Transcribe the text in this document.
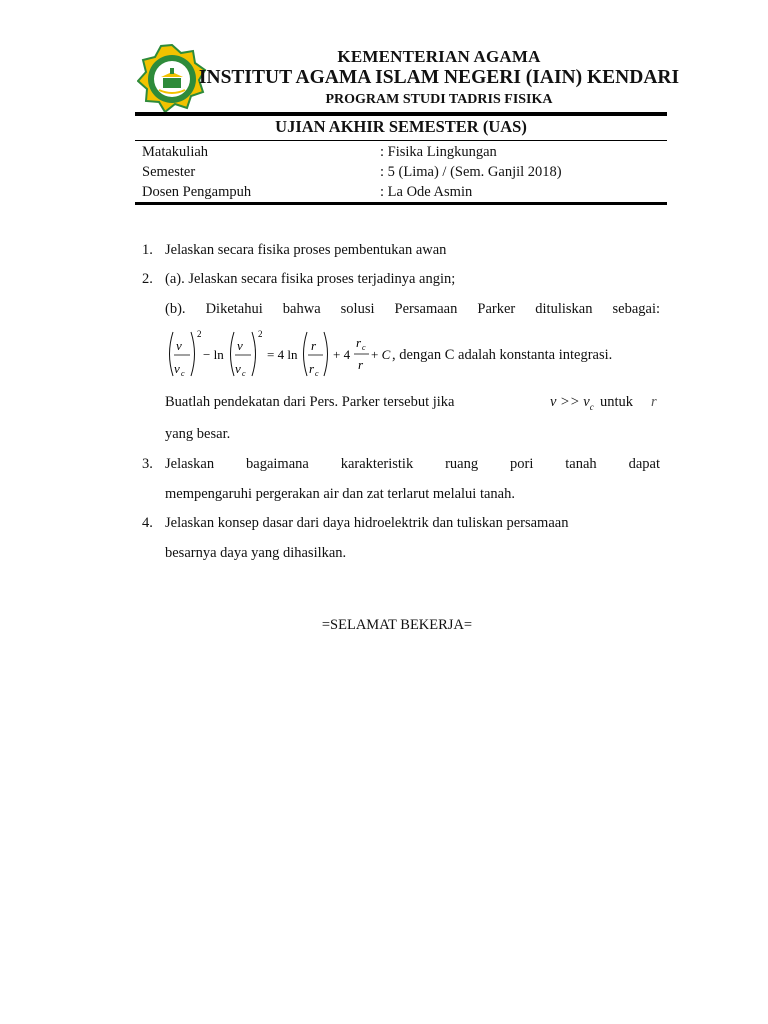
KEMENTERIAN AGAMA
INSTITUT AGAMA ISLAM NEGERI (IAIN) KENDARI
PROGRAM STUDI TADRIS FISIKA
UJIAN AKHIR SEMESTER (UAS)
Matakuliah	: Fisika Lingkungan
Semester	: 5 (Lima) / (Sem. Ganjil 2018)
Dosen Pengampuh	: La Ode Asmin
1. Jelaskan secara fisika proses pembentukan awan
2. (a). Jelaskan secara fisika proses terjadinya angin;
(b). Diketahui bahwa solusi Persamaan Parker dituliskan sebagai:
v
v c
2
− ln
v
v c
2
= 4 ln
r
r c
+ 4
r c
r
+ C , dengan C adalah konstanta integrasi.
Buatlah pendekatan dari Pers. Parker tersebut jika	$v >> v_c$ untuk r
yang besar.
3. Jelaskan bagaimana karakteristik ruang pori tanah dapat
mempengaruhi pergerakan air dan zat terlarut melalui tanah.
4. Jelaskan konsep dasar dari daya hidroelektrik dan tuliskan persamaan
besarnya daya yang dihasilkan.
=SELAMAT BEKERJA=
